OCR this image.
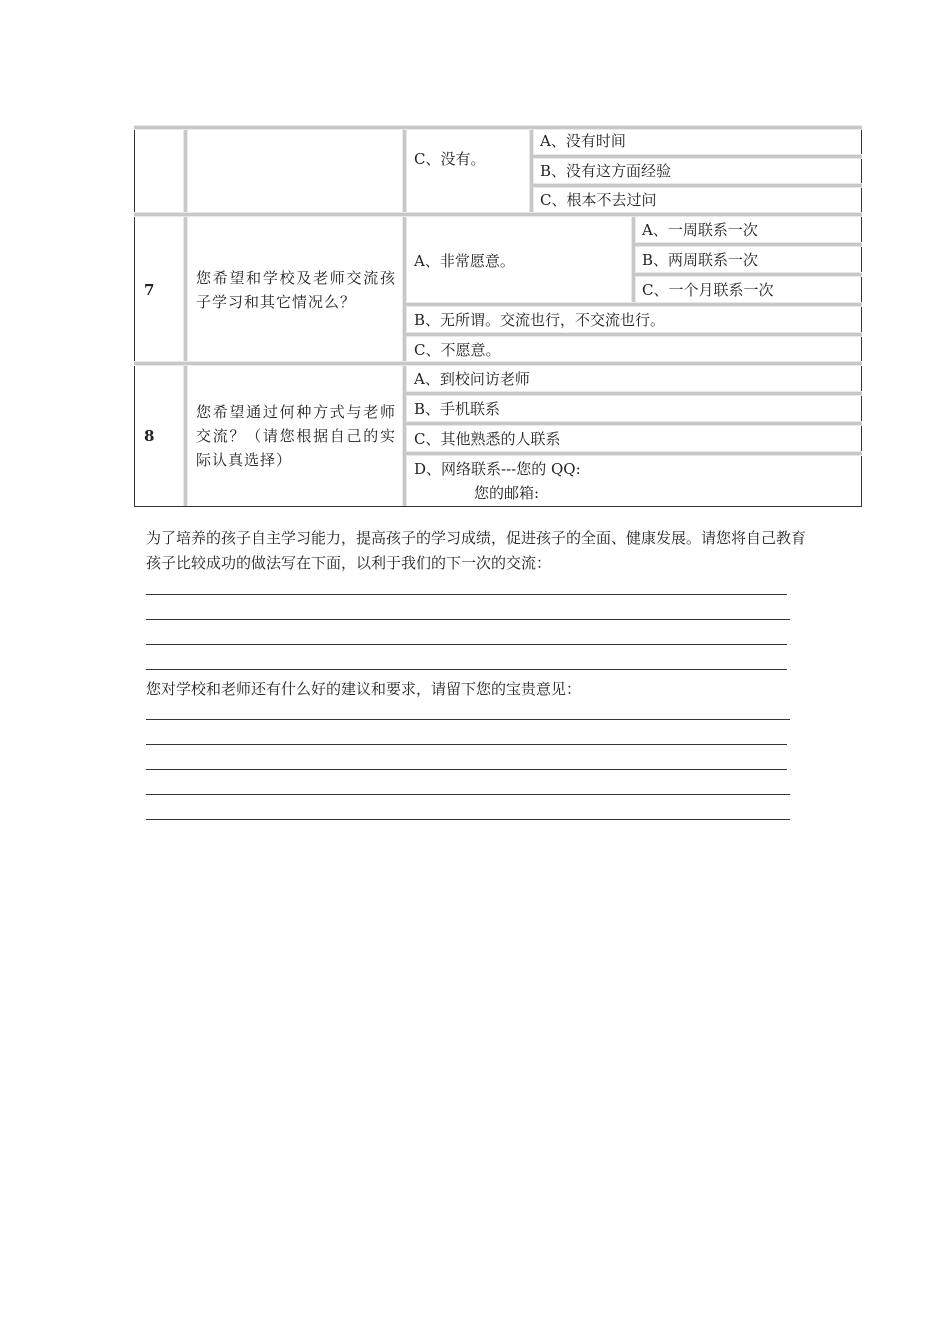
C、没有。
A、没有时间
B、没有这方面经验
C、根本不去过问
7
您希望和学校及老师交流孩子学习和其它情况么？
A、非常愿意。
A、一周联系一次
B、两周联系一次
C、一个月联系一次
B、无所谓。交流也行，不交流也行。
C、不愿意。
8
您希望通过何种方式与老师交流？（请您根据自己的实际认真选择）
A、到校问访老师
B、手机联系
C、其他熟悉的人联系
D、网络联系---您的 QQ:
您的邮箱:
为了培养的孩子自主学习能力，提高孩子的学习成绩，促进孩子的全面、健康发展。请您将自己教育孩子比较成功的做法写在下面，以利于我们的下一次的交流：
您对学校和老师还有什么好的建议和要求，请留下您的宝贵意见：
